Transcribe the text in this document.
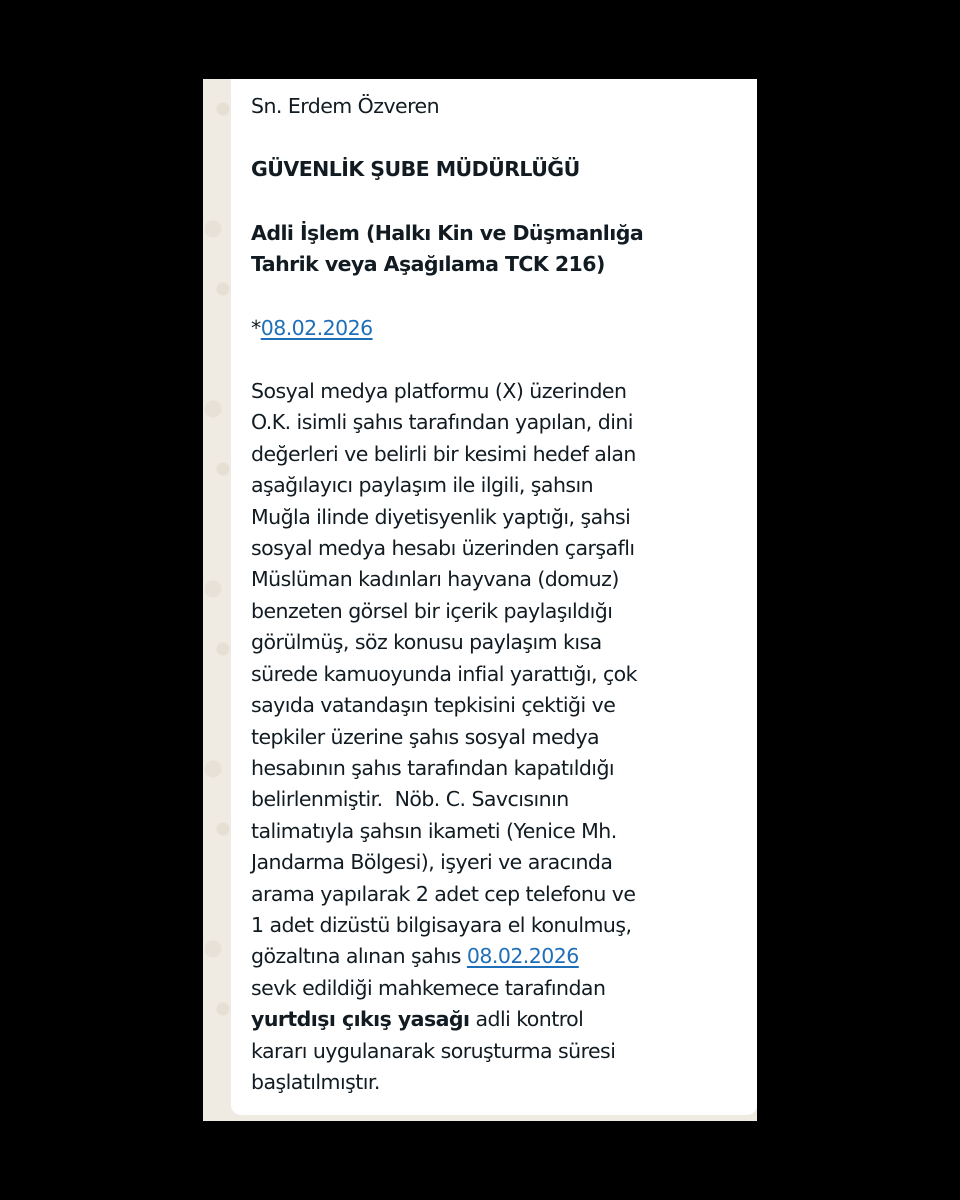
Sn. Erdem Özveren
GÜVENLİK ŞUBE MÜDÜRLÜĞÜ
Adli İşlem (Halkı Kin ve Düşmanlığa
Tahrik veya Aşağılama TCK 216)
*08.02.2026
Sosyal medya platformu (X) üzerinden
O.K. isimli şahıs tarafından yapılan, dini
değerleri ve belirli bir kesimi hedef alan
aşağılayıcı paylaşım ile ilgili, şahsın
Muğla ilinde diyetisyenlik yaptığı, şahsi
sosyal medya hesabı üzerinden çarşaflı
Müslüman kadınları hayvana (domuz)
benzeten görsel bir içerik paylaşıldığı
görülmüş, söz konusu paylaşım kısa
sürede kamuoyunda infial yarattığı, çok
sayıda vatandaşın tepkisini çektiği ve
tepkiler üzerine şahıs sosyal medya
hesabının şahıs tarafından kapatıldığı
belirlenmiştir.  Nöb. C. Savcısının
talimatıyla şahsın ikameti (Yenice Mh.
Jandarma Bölgesi), işyeri ve aracında
arama yapılarak 2 adet cep telefonu ve
1 adet dizüstü bilgisayara el konulmuş,
gözaltına alınan şahıs 08.02.2026
sevk edildiği mahkemece tarafından
yurtdışı çıkış yasağı adli kontrol
kararı uygulanarak soruşturma süresi
başlatılmıştır.
